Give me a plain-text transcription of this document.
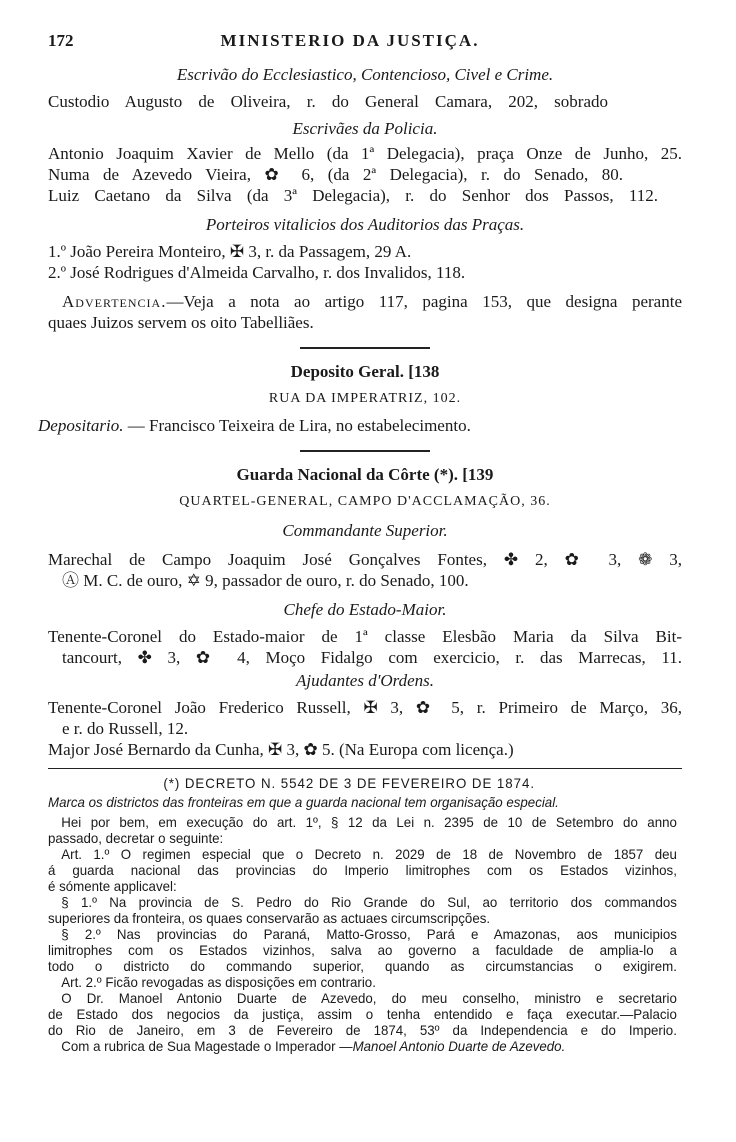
172	MINISTERIO DA JUSTIÇA.
Escrivão do Ecclesiastico, Contencioso, Civel e Crime.
Custodio Augusto de Oliveira, r. do General Camara, 202, sobrado
Escrivães da Policia.
Antonio Joaquim Xavier de Mello (da 1ª Delegacia), praça Onze de Junho, 25.
Numa de Azevedo Vieira, ✿ 6, (da 2ª Delegacia), r. do Senado, 80.
Luiz Caetano da Silva (da 3ª Delegacia), r. do Senhor dos Passos, 112.
Porteiros vitalicios dos Auditorios das Praças.
1.º João Pereira Monteiro, ✠ 3, r. da Passagem, 29 A.
2.º José Rodrigues d'Almeida Carvalho, r. dos Invalidos, 118.
Advertencia.—Veja a nota ao artigo 117, pagina 153, que designa perante
quaes Juizos servem os oito Tabelliães.
Deposito Geral. [138
RUA DA IMPERATRIZ, 102.
Depositario. — Francisco Teixeira de Lira, no estabelecimento.
Guarda Nacional da Côrte (*). [139
QUARTEL-GENERAL, CAMPO D'ACCLAMAÇÃO, 36.
Commandante Superior.
Marechal de Campo Joaquim José Gonçalves Fontes, ✤ 2, ✿ 3, ❁ 3,
Ⓐ M. C. de ouro, ✡ 9, passador de ouro, r. do Senado, 100.
Chefe do Estado-Maior.
Tenente-Coronel do Estado-maior de 1ª classe Elesbão Maria da Silva Bit-
tancourt, ✤ 3, ✿ 4, Moço Fidalgo com exercicio, r. das Marrecas, 11.
Ajudantes d'Ordens.
Tenente-Coronel João Frederico Russell, ✠ 3, ✿ 5, r. Primeiro de Março, 36,
e r. do Russell, 12.
Major José Bernardo da Cunha, ✠ 3, ✿ 5. (Na Europa com licença.)
(*) DECRETO N. 5542 DE 3 DE FEVEREIRO DE 1874.
Marca os districtos das fronteiras em que a guarda nacional tem organisação especial.
Hei por bem, em execução do art. 1º, § 12 da Lei n. 2395 de 10 de Setembro do anno
passado, decretar o seguinte:
Art. 1.º O regimen especial que o Decreto n. 2029 de 18 de Novembro de 1857 deu
á guarda nacional das provincias do Imperio limitrophes com os Estados vizinhos,
é sómente applicavel:
§ 1.º Na provincia de S. Pedro do Rio Grande do Sul, ao territorio dos commandos
superiores da fronteira, os quaes conservarão as actuaes circumscripções.
§ 2.º Nas provincias do Paraná, Matto-Grosso, Pará e Amazonas, aos municipios
limitrophes com os Estados vizinhos, salva ao governo a faculdade de amplia-lo a
todo o districto do commando superior, quando as circumstancias o exigirem.
Art. 2.º Ficão revogadas as disposições em contrario.
O Dr. Manoel Antonio Duarte de Azevedo, do meu conselho, ministro e secretario
de Estado dos negocios da justiça, assim o tenha entendido e faça executar.—Palacio
do Rio de Janeiro, em 3 de Fevereiro de 1874, 53º da Independencia e do Imperio.
Com a rubrica de Sua Magestade o Imperador —Manoel Antonio Duarte de Azevedo.
